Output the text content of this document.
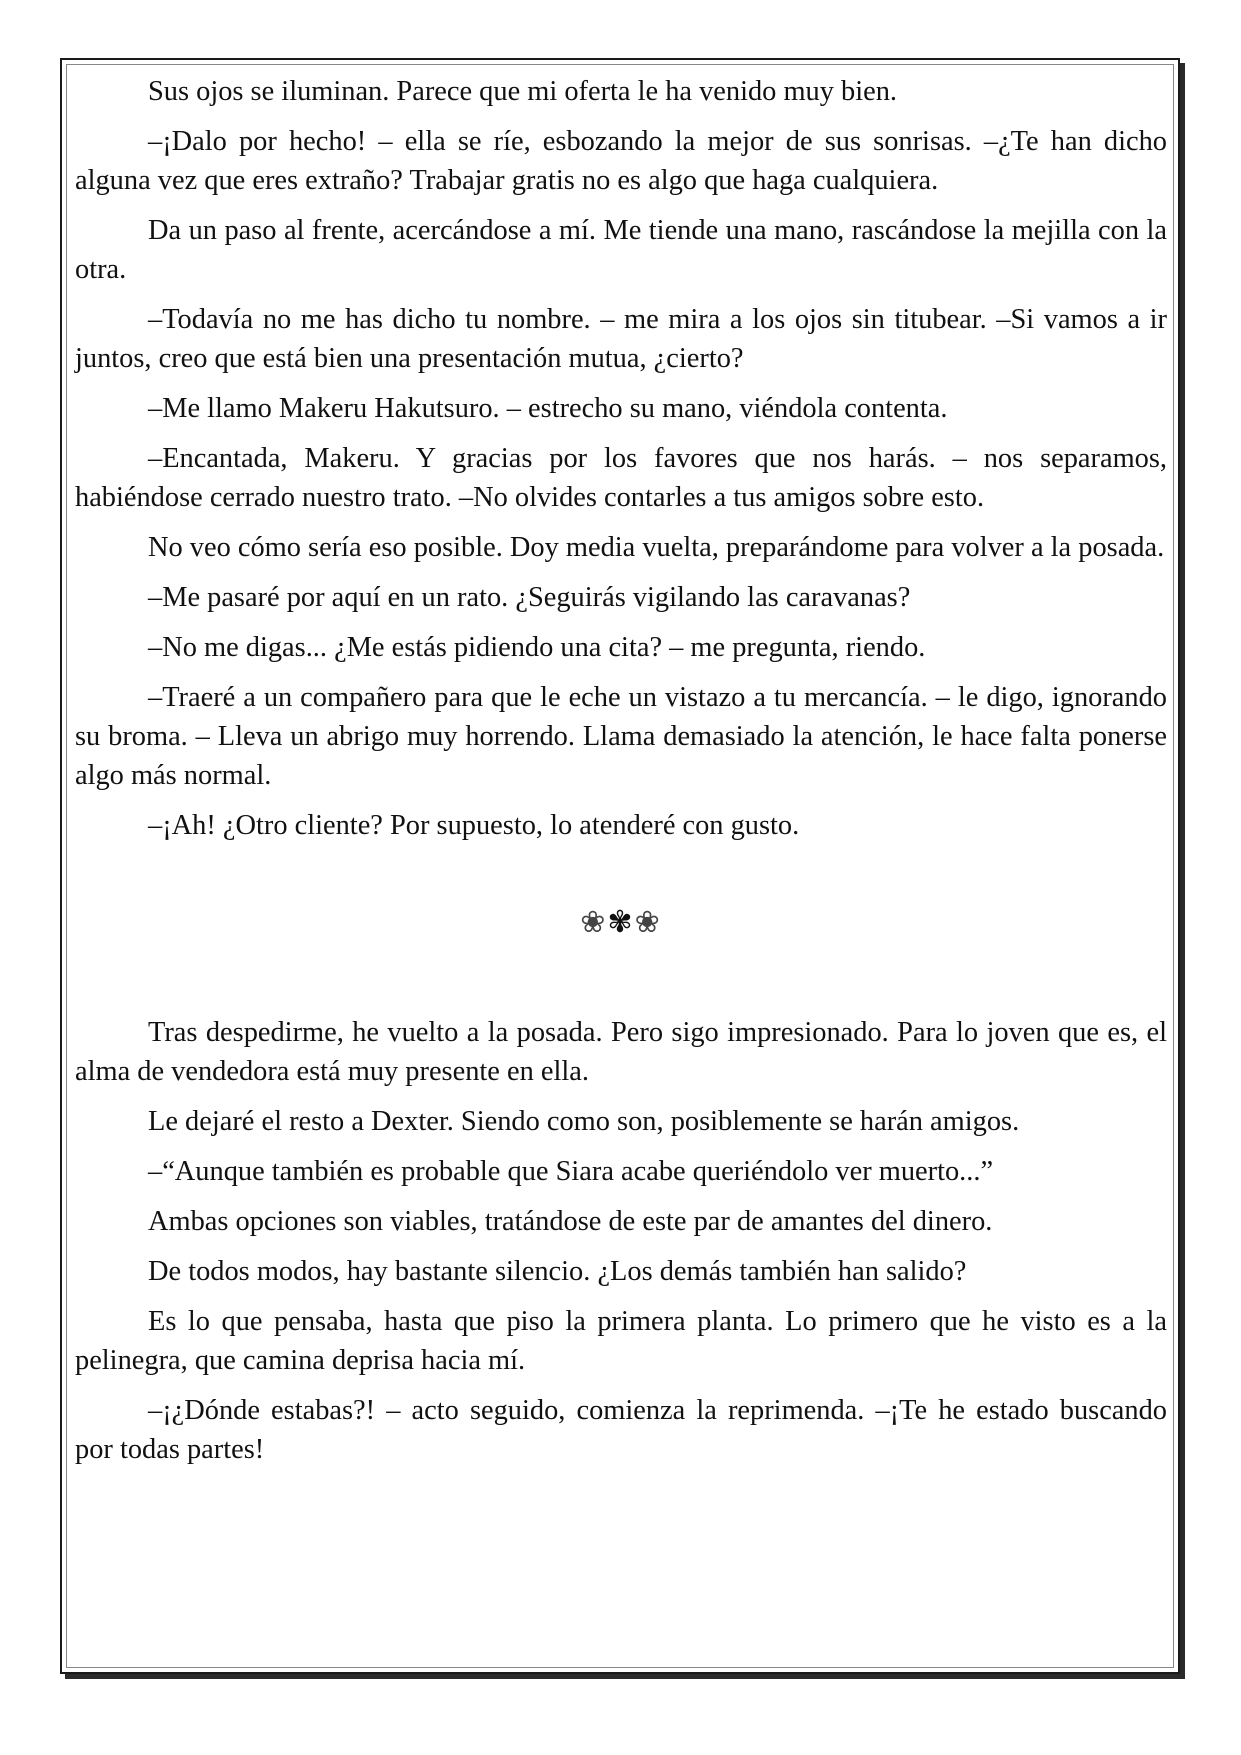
Sus ojos se iluminan. Parece que mi oferta le ha venido muy bien.

–¡Dalo por hecho! – ella se ríe, esbozando la mejor de sus sonrisas. –¿Te han dicho alguna vez que eres extraño? Trabajar gratis no es algo que haga cualquiera.

Da un paso al frente, acercándose a mí. Me tiende una mano, rascándose la mejilla con la otra.

–Todavía no me has dicho tu nombre. – me mira a los ojos sin titubear. –Si vamos a ir juntos, creo que está bien una presentación mutua, ¿cierto?

–Me llamo Makeru Hakutsuro. – estrecho su mano, viéndola contenta.

–Encantada, Makeru. Y gracias por los favores que nos harás. – nos separamos, habiéndose cerrado nuestro trato. –No olvides contarles a tus amigos sobre esto.

No veo cómo sería eso posible. Doy media vuelta, preparándome para volver a la posada.

–Me pasaré por aquí en un rato. ¿Seguirás vigilando las caravanas?

–No me digas... ¿Me estás pidiendo una cita? – me pregunta, riendo.

–Traeré a un compañero para que le eche un vistazo a tu mercancía. – le digo, ignorando su broma. – Lleva un abrigo muy horrendo. Llama demasiado la atención, le hace falta ponerse algo más normal.

–¡Ah! ¿Otro cliente? Por supuesto, lo atenderé con gusto.

❀✾❀

Tras despedirme, he vuelto a la posada. Pero sigo impresionado. Para lo joven que es, el alma de vendedora está muy presente en ella.

Le dejaré el resto a Dexter. Siendo como son, posiblemente se harán amigos.

–“Aunque también es probable que Siara acabe queriéndolo ver muerto...”

Ambas opciones son viables, tratándose de este par de amantes del dinero.

De todos modos, hay bastante silencio. ¿Los demás también han salido?

Es lo que pensaba, hasta que piso la primera planta. Lo primero que he visto es a la pelinegra, que camina deprisa hacia mí.

–¡¿Dónde estabas?! – acto seguido, comienza la reprimenda. –¡Te he estado buscando por todas partes!
